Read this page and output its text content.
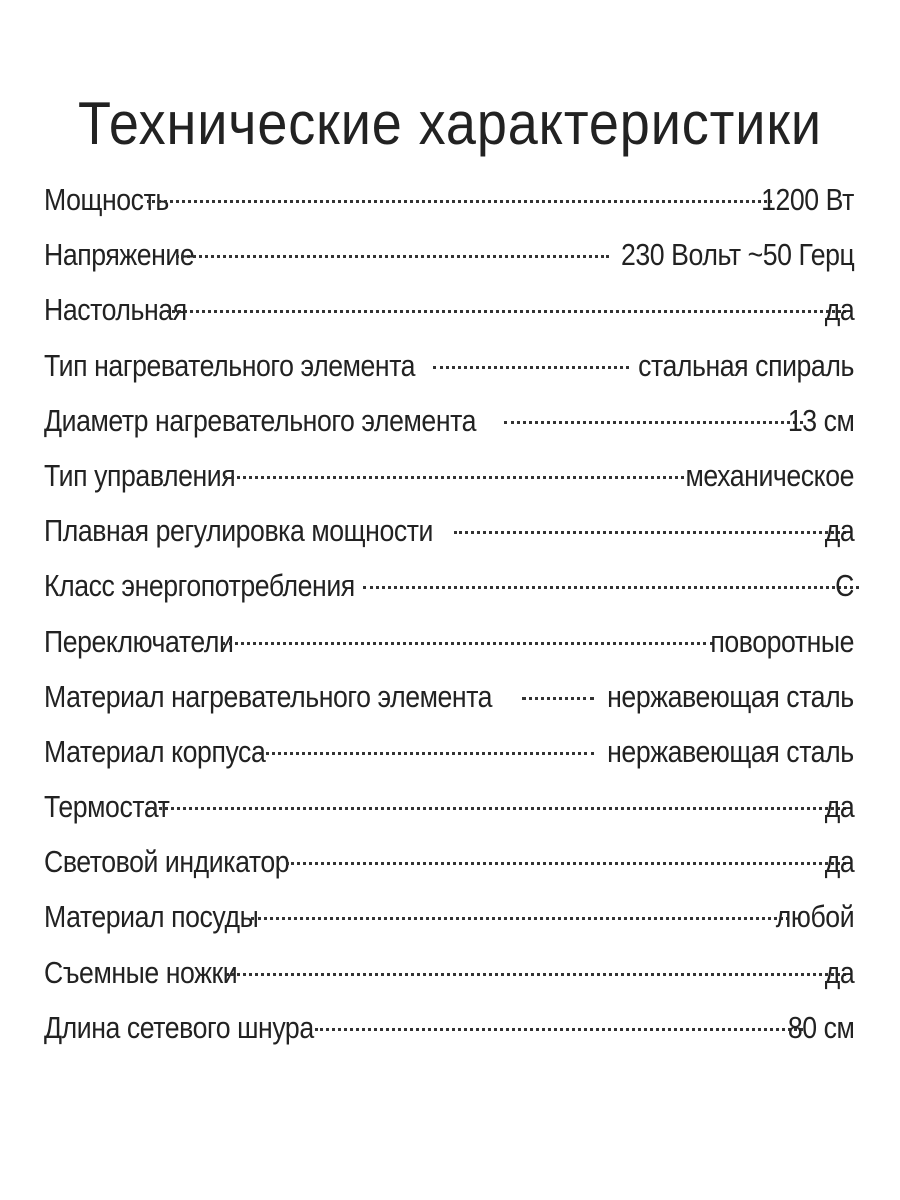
Технические характеристики
Мощность	1200 Вт
Напряжение	230 Вольт ~50 Герц
Настольная	да
Тип нагревательного элемента	стальная спираль
Диаметр нагревательного элемента	13 см
Тип управления	механическое
Плавная регулировка мощности	да
Класс энергопотребления	С
Переключатели	поворотные
Материал нагревательного элемента	нержавеющая сталь
Материал корпуса	нержавеющая сталь
Термостат	да
Световой индикатор	да
Материал посуды	любой
Съемные ножки	да
Длина сетевого шнура	80 см
